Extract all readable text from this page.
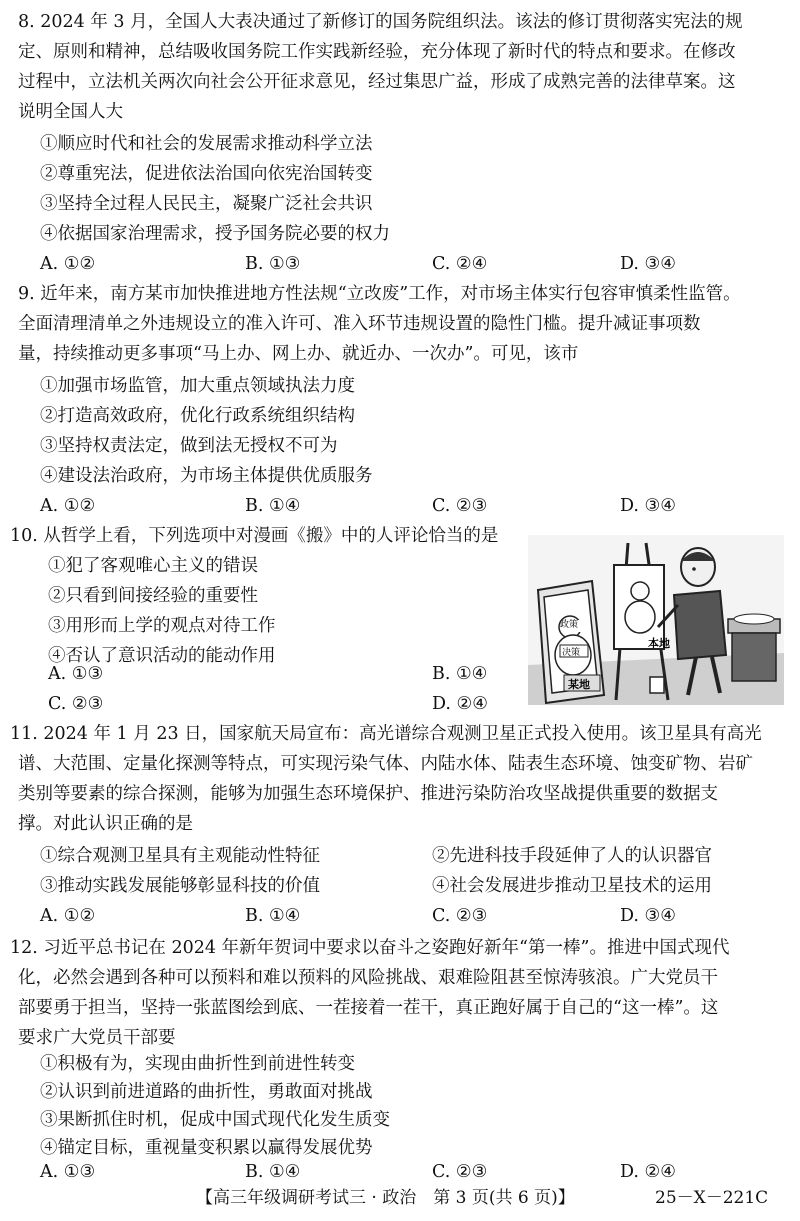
8. 2024 年 3 月，全国人大表决通过了新修订的国务院组织法。该法的修订贯彻落实宪法的规
定、原则和精神，总结吸收国务院工作实践新经验，充分体现了新时代的特点和要求。在修改
过程中，立法机关两次向社会公开征求意见，经过集思广益，形成了成熟完善的法律草案。这
说明全国人大
①顺应时代和社会的发展需求推动科学立法
②尊重宪法，促进依法治国向依宪治国转变
③坚持全过程人民民主，凝聚广泛社会共识
④依据国家治理需求，授予国务院必要的权力
A. ①②	B. ①③	C. ②④	D. ③④
9. 近年来，南方某市加快推进地方性法规“立改废”工作，对市场主体实行包容审慎柔性监管。
全面清理清单之外违规设立的准入许可、准入环节违规设置的隐性门槛。提升减证事项数
量，持续推动更多事项“马上办、网上办、就近办、一次办”。可见，该市
①加强市场监管，加大重点领域执法力度
②打造高效政府，优化行政系统组织结构
③坚持权责法定，做到法无授权不可为
④建设法治政府，为市场主体提供优质服务
A. ①②	B. ①④	C. ②③	D. ③④
10. 从哲学上看，下列选项中对漫画《搬》中的人评论恰当的是
①犯了客观唯心主义的错误
②只看到间接经验的重要性
③用形而上学的观点对待工作
④否认了意识活动的能动作用
A. ①③	B. ①④
C. ②③	D. ②④
政策
决策
某地
本地
11. 2024 年 1 月 23 日，国家航天局宣布：高光谱综合观测卫星正式投入使用。该卫星具有高光
谱、大范围、定量化探测等特点，可实现污染气体、内陆水体、陆表生态环境、蚀变矿物、岩矿
类别等要素的综合探测，能够为加强生态环境保护、推进污染防治攻坚战提供重要的数据支
撑。对此认识正确的是
①综合观测卫星具有主观能动性特征	②先进科技手段延伸了人的认识器官
③推动实践发展能够彰显科技的价值	④社会发展进步推动卫星技术的运用
A. ①②	B. ①④	C. ②③	D. ③④
12. 习近平总书记在 2024 年新年贺词中要求以奋斗之姿跑好新年“第一棒”。推进中国式现代
化，必然会遇到各种可以预料和难以预料的风险挑战、艰难险阻甚至惊涛骇浪。广大党员干
部要勇于担当，坚持一张蓝图绘到底、一茬接着一茬干，真正跑好属于自己的“这一棒”。这
要求广大党员干部要
①积极有为，实现由曲折性到前进性转变
②认识到前进道路的曲折性，勇敢面对挑战
③果断抓住时机，促成中国式现代化发生质变
④锚定目标，重视量变积累以赢得发展优势
【高三年级调研考试三 · 政治　第 3 页(共 6 页)】	25－X－221C
A. ①③	B. ①④	C. ②③	D. ②④
